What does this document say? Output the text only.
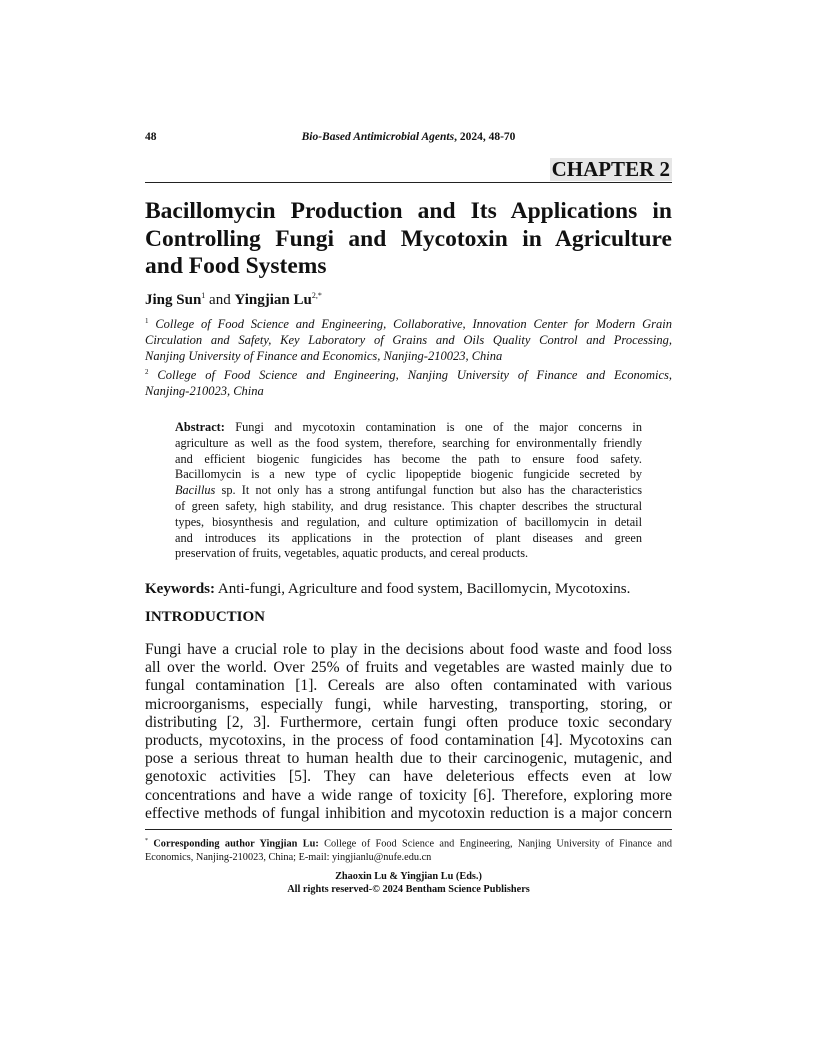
48	Bio-Based Antimicrobial Agents, 2024, 48-70
CHAPTER 2
Bacillomycin Production and Its Applications in
Controlling Fungi and Mycotoxin in Agriculture
and Food Systems
Jing Sun$^1$ and Yingjian $Lu^{2,*}$
$^1$ College of Food Science and Engineering, Collaborative, Innovation Center for Modern Grain
Circulation and Safety, Key Laboratory of Grains and Oils Quality Control and Processing,
Nanjing University of Finance and Economics, Nanjing-210023, China
$^2$ College of Food Science and Engineering, Nanjing University of Finance and Economics,
Nanjing-210023, China
Abstract: Fungi and mycotoxin contamination is one of the major concerns in
agriculture as well as the food system, therefore, searching for environmentally friendly
and efficient biogenic fungicides has become the path to ensure food safety.
Bacillomycin is a new type of cyclic lipopeptide biogenic fungicide secreted by
Bacillus sp. It not only has a strong antifungal function but also has the characteristics
of green safety, high stability, and drug resistance. This chapter describes the structural
types, biosynthesis and regulation, and culture optimization of bacillomycin in detail
and introduces its applications in the protection of plant diseases and green
preservation of fruits, vegetables, aquatic products, and cereal products.
Keywords: Anti-fungi, Agriculture and food system, Bacillomycin, Mycotoxins.
INTRODUCTION
Fungi have a crucial role to play in the decisions about food waste and food loss
all over the world. Over 25% of fruits and vegetables are wasted mainly due to
fungal contamination [1]. Cereals are also often contaminated with various
microorganisms, especially fungi, while harvesting, transporting, storing, or
distributing [2, 3]. Furthermore, certain fungi often produce toxic secondary
products, mycotoxins, in the process of food contamination [4]. Mycotoxins can
pose a serious threat to human health due to their carcinogenic, mutagenic, and
genotoxic activities [5]. They can have deleterious effects even at low
concentrations and have a wide range of toxicity [6]. Therefore, exploring more
effective methods of fungal inhibition and mycotoxin reduction is a major concern
* Corresponding author Yingjian Lu: College of Food Science and Engineering, Nanjing University of Finance and
Economics, Nanjing-210023, China; E-mail: yingjianlu@nufe.edu.cn
Zhaoxin Lu & Yingjian Lu (Eds.)
All rights reserved-© 2024 Bentham Science Publishers
